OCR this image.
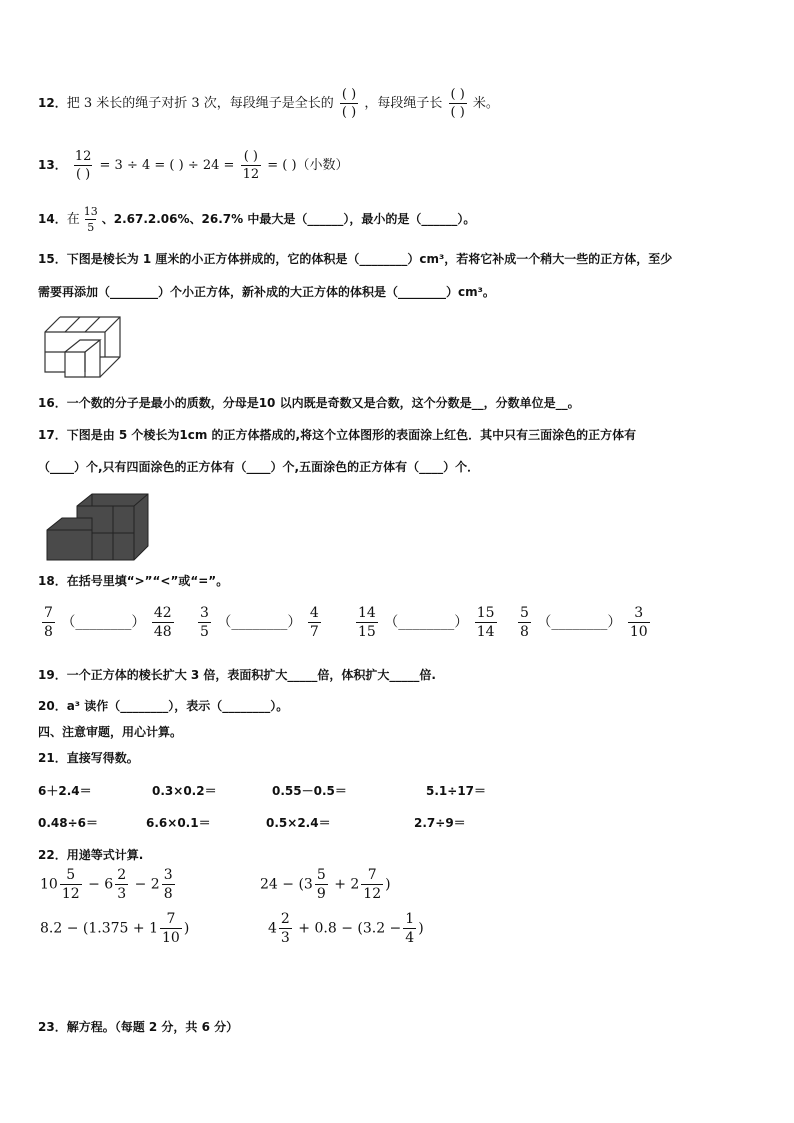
12．把 3 米长的绳子对折 3 次，每段绳子是全长的 $\frac{( )}{( )}$ ，每段绳子长 $\frac{( )}{( )}$ 米。
13． $\frac{12}{( )} = 3 \div 4$ = ( ) ÷ $24 = \frac{( )}{12}$ = ( )（小数）
14．在 $\frac{13}{5}$ 、2.67.2.06%、26.7% 中最大是（______），最小的是（______）。
15．下图是棱长为 1 厘米的小正方体拼成的，它的体积是（________）cm³，若将它补成一个稍大一些的正方体，至少
需要再添加（________）个小正方体，新补成的大正方体的体积是（________）cm³。
16．一个数的分子是最小的质数，分母是10 以内既是奇数又是合数，这个分数是__，分数单位是__。
17．下图是由 5 个棱长为1cm 的正方体搭成的,将这个立体图形的表面涂上红色．其中只有三面涂色的正方体有
（____）个,只有四面涂色的正方体有（____）个,五面涂色的正方体有（____）个．
18．在括号里填“>”“<”或“=”。
$\frac{7}{8}$ （________） $\frac{42}{48} \frac{3}{5}$ （________） $\frac{4}{7}$	$\frac{14}{15}$ （________） $\frac{15}{14} \frac{5}{8}$ （________） $\frac{3}{10}$
19．一个正方体的棱长扩大 3 倍，表面积扩大_____倍，体积扩大_____倍.
20．a³ 读作（________），表示（________）。
四、注意审题，用心计算。
21．直接写得数。
6＋2.4＝	0.3×0.2＝	0.55－0.5＝	5.1÷17＝
0.48÷6＝	6.6×0.1＝	0.5×2.4＝	2.7÷9＝
22．用递等式计算.
$10 \frac{5}{12} - 6 \frac{2}{3} - 2 \frac{3}{8}$	$24 - (3 \frac{5}{9} + 2 \frac{7}{12}$ )
$8.2 - (1.375 + 1 \frac{7}{10}$ )	$4 \frac{2}{3} + 0.8 - (3.2 - \frac{1}{4}$ )
23．解方程。（每题 2 分，共 6 分）
